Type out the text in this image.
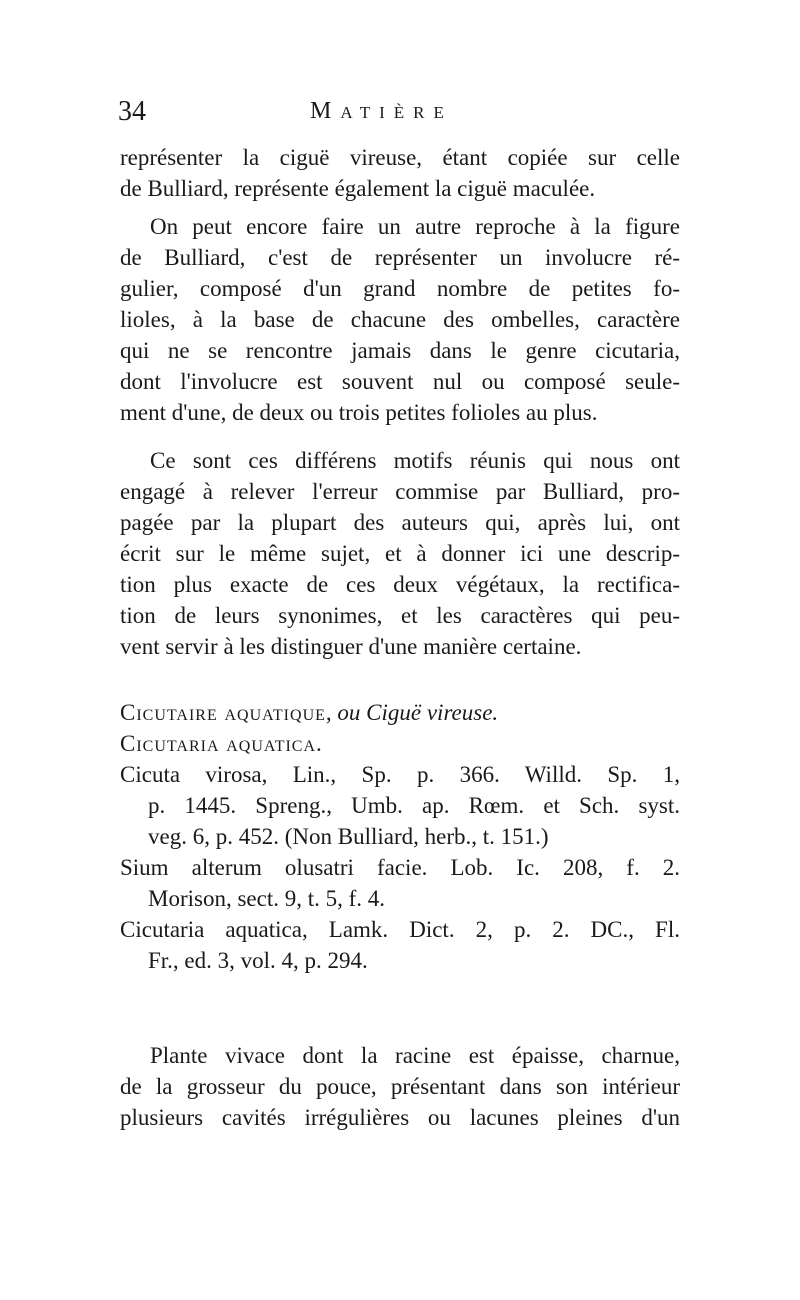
34	Matière
représenter la ciguë vireuse, étant copiée sur celle
de Bulliard, représente également la ciguë maculée.
On peut encore faire un autre reproche à la figure
de Bulliard, c'est de représenter un involucre ré-
gulier, composé d'un grand nombre de petites fo-
lioles, à la base de chacune des ombelles, caractère
qui ne se rencontre jamais dans le genre cicutaria,
dont l'involucre est souvent nul ou composé seule-
ment d'une, de deux ou trois petites folioles au plus.
Ce sont ces différens motifs réunis qui nous ont
engagé à relever l'erreur commise par Bulliard, pro-
pagée par la plupart des auteurs qui, après lui, ont
écrit sur le même sujet, et à donner ici une descrip-
tion plus exacte de ces deux végétaux, la rectifica-
tion de leurs synonimes, et les caractères qui peu-
vent servir à les distinguer d'une manière certaine.
Cicutaire aquatique, ou Ciguë vireuse.
Cicutaria aquatica.
Cicuta virosa, Lin., Sp. p. 366. Willd. Sp. 1,
p. 1445. Spreng., Umb. ap. Rœm. et Sch. syst.
veg. 6, p. 452. (Non Bulliard, herb., t. 151.)
Sium alterum olusatri facie. Lob. Ic. 208, f. 2.
Morison, sect. 9, t. 5, f. 4.
Cicutaria aquatica, Lamk. Dict. 2, p. 2. DC., Fl.
Fr., ed. 3, vol. 4, p. 294.
Plante vivace dont la racine est épaisse, charnue,
de la grosseur du pouce, présentant dans son intérieur
plusieurs cavités irrégulières ou lacunes pleines d'un
